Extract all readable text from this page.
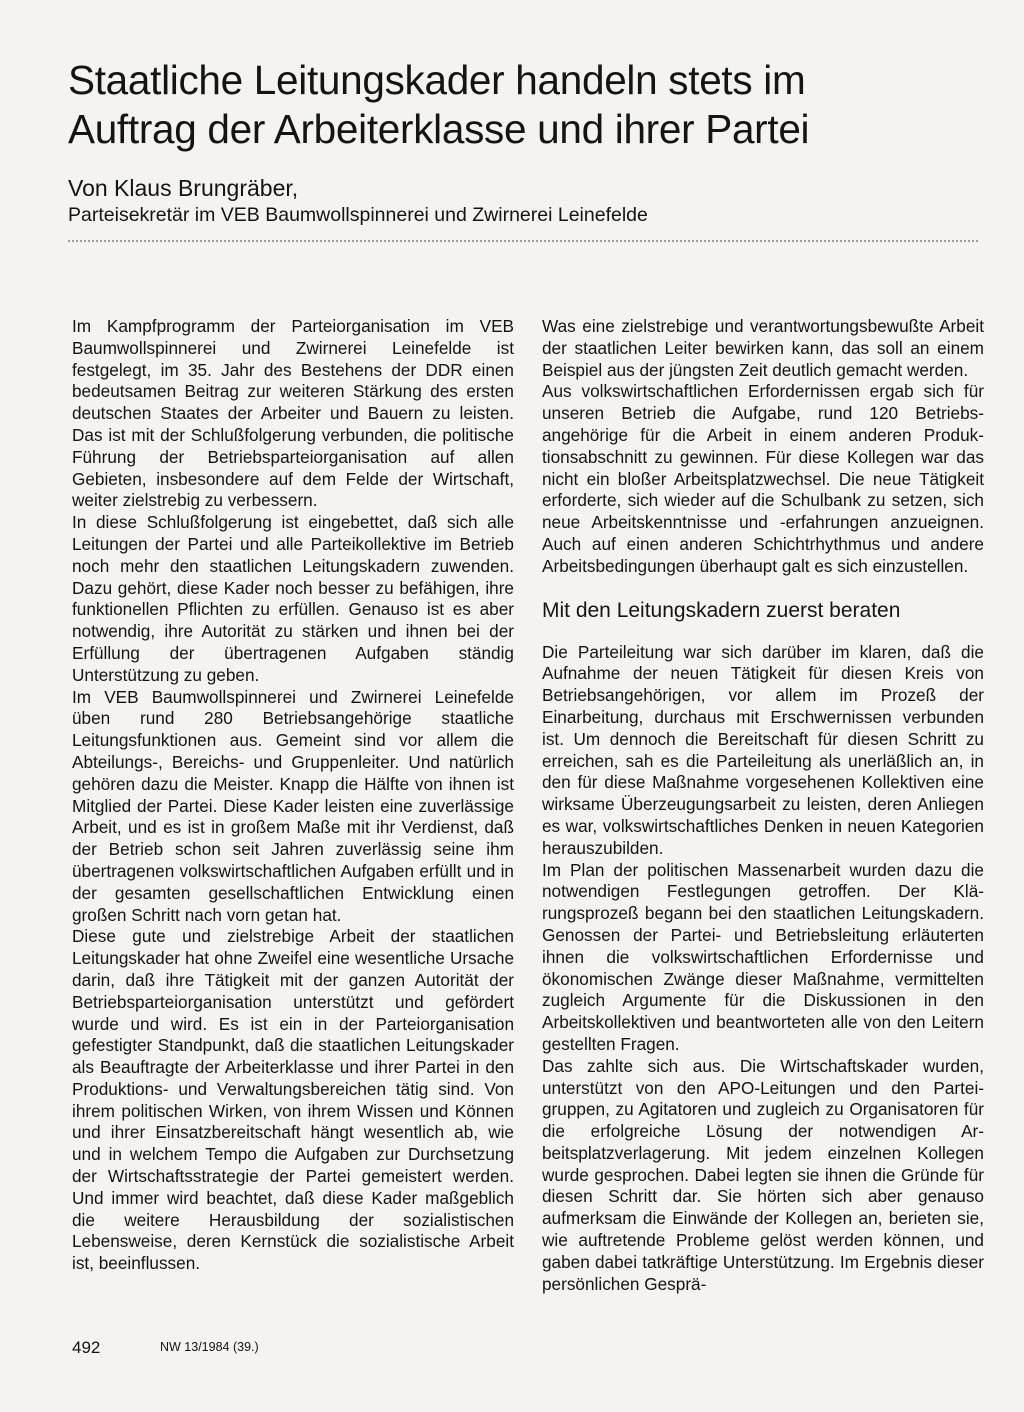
Staatliche Leitungskader handeln stets im
Auftrag der Arbeiterklasse und ihrer Partei
Von Klaus Brungräber,
Parteisekretär im VEB Baumwollspinnerei und Zwirnerei Leinefelde

Im Kampfprogramm der Parteiorganisation im VEB Baumwollspinnerei und Zwirnerei Leinefelde ist festgelegt, im 35. Jahr des Bestehens der DDR einen bedeutsamen Beitrag zur weiteren Stärkung des ersten deutschen Staates der Arbeiter und Bauern zu leisten. Das ist mit der Schlußfolgerung verbunden, die politische Führung der Betriebsparteiorganisation auf allen Gebieten, insbesondere auf dem Felde der Wirtschaft, weiter zielstrebig zu verbessern.

In diese Schlußfolgerung ist eingebettet, daß sich alle Leitungen der Partei und alle Parteikollektive im Betrieb noch mehr den staatlichen Leitungskadern zuwenden. Dazu gehört, diese Kader noch besser zu befähigen, ihre funktionellen Pflichten zu erfüllen. Genauso ist es aber notwendig, ihre Autorität zu stärken und ihnen bei der Erfüllung der übertragenen Aufgaben ständig Unterstützung zu geben.

Im VEB Baumwollspinnerei und Zwirnerei Leinefelde üben rund 280 Betriebsangehörige staatliche Leitungsfunktionen aus. Gemeint sind vor allem die Abteilungs-, Bereichs- und Gruppenleiter. Und natürlich gehören dazu die Meister. Knapp die Hälfte von ihnen ist Mitglied der Partei. Diese Kader leisten eine zuverlässige Arbeit, und es ist in großem Maße mit ihr Verdienst, daß der Betrieb schon seit Jahren zuverlässig seine ihm übertragenen volkswirtschaftlichen Aufgaben erfüllt und in der gesamten gesellschaftlichen Entwicklung einen großen Schritt nach vorn getan hat.

Diese gute und zielstrebige Arbeit der staatlichen Leitungskader hat ohne Zweifel eine wesentliche Ursache darin, daß ihre Tätigkeit mit der ganzen Autorität der Betriebsparteiorganisation unterstützt und gefördert wurde und wird. Es ist ein in der Parteiorganisation gefestigter Standpunkt, daß die staatlichen Leitungskader als Beauftragte der Arbeiterklasse und ihrer Partei in den Produktions- und Verwaltungsbereichen tätig sind. Von ihrem politischen Wirken, von ihrem Wissen und Können und ihrer Einsatzbereitschaft hängt wesentlich ab, wie und in welchem Tempo die Aufgaben zur Durchsetzung der Wirtschaftsstrategie der Partei gemeistert werden. Und immer wird beachtet, daß diese Kader maßgeblich die weitere Herausbildung der sozialistischen Lebensweise, deren Kernstück die sozialistische Arbeit ist, beeinflussen.

Was eine zielstrebige und verantwortungsbewußte Arbeit der staatlichen Leiter bewirken kann, das soll an einem Beispiel aus der jüngsten Zeit deutlich gemacht werden.

Aus volkswirtschaftlichen Erfordernissen ergab sich für unseren Betrieb die Aufgabe, rund 120 Betriebsangehörige für die Arbeit in einem anderen Produktionsabschnitt zu gewinnen. Für diese Kollegen war das nicht ein bloßer Arbeitsplatzwechsel. Die neue Tätigkeit erforderte, sich wieder auf die Schulbank zu setzen, sich neue Arbeitskenntnisse und -erfahrungen anzueignen. Auch auf einen anderen Schichtrhythmus und andere Arbeitsbedingungen überhaupt galt es sich einzustellen.

Mit den Leitungskadern zuerst beraten

Die Parteileitung war sich darüber im klaren, daß die Aufnahme der neuen Tätigkeit für diesen Kreis von Betriebsangehörigen, vor allem im Prozeß der Einarbeitung, durchaus mit Erschwernissen verbunden ist. Um dennoch die Bereitschaft für diesen Schritt zu erreichen, sah es die Parteileitung als unerläßlich an, in den für diese Maßnahme vorgesehenen Kollektiven eine wirksame Überzeugungsarbeit zu leisten, deren Anliegen es war, volkswirtschaftliches Denken in neuen Kategorien herauszubilden.

Im Plan der politischen Massenarbeit wurden dazu die notwendigen Festlegungen getroffen. Der Klärungsprozeß begann bei den staatlichen Leitungskadern. Genossen der Partei- und Betriebsleitung erläuterten ihnen die volkswirtschaftlichen Erfordernisse und ökonomischen Zwänge dieser Maßnahme, vermittelten zugleich Argumente für die Diskussionen in den Arbeitskollektiven und beantworteten alle von den Leitern gestellten Fragen.

Das zahlte sich aus. Die Wirtschaftskader wurden, unterstützt von den APO-Leitungen und den Parteigruppen, zu Agitatoren und zugleich zu Organisatoren für die erfolgreiche Lösung der notwendigen Arbeitsplatzverlagerung. Mit jedem einzelnen Kollegen wurde gesprochen. Dabei legten sie ihnen die Gründe für diesen Schritt dar. Sie hörten sich aber genauso aufmerksam die Einwände der Kollegen an, berieten sie, wie auftretende Probleme gelöst werden können, und gaben dabei tatkräftige Unterstützung. Im Ergebnis dieser persönlichen Gesprä-

492	NW 13/1984 (39.)
